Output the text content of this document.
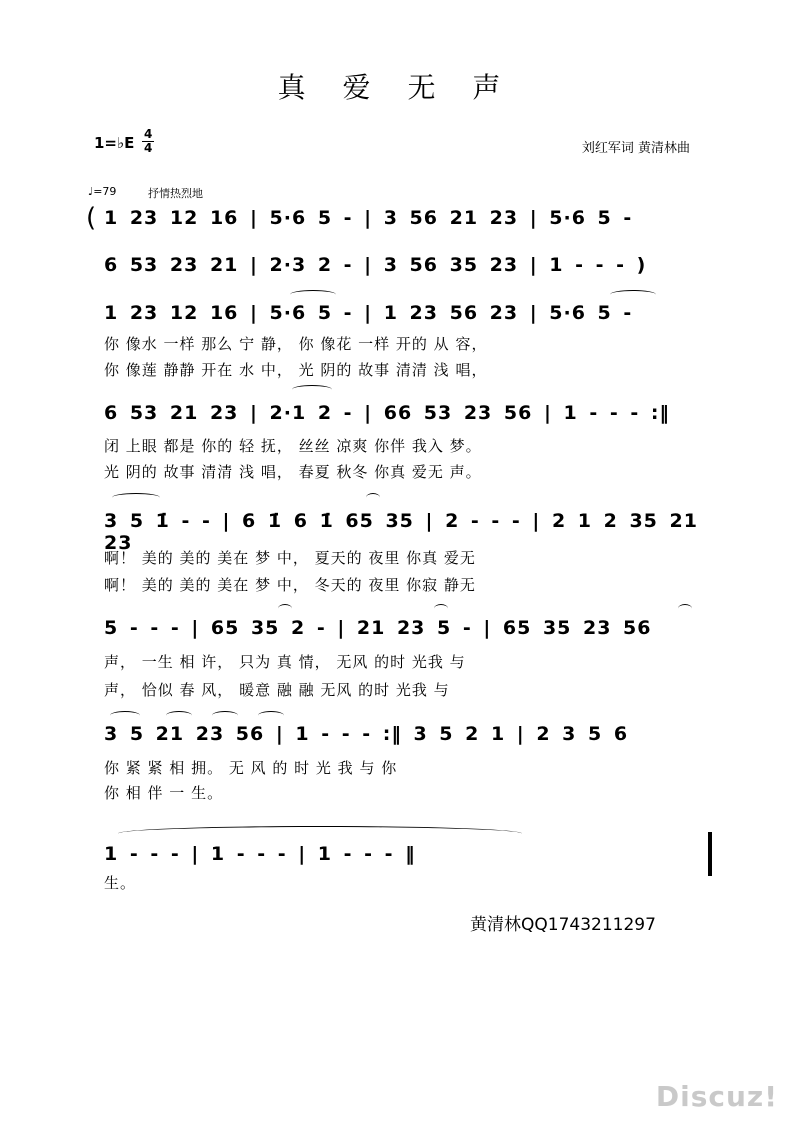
真 爱 无 声
1=♭E 4
4	刘红军词 黄清林曲
♩=79	抒情热烈地
( 1 23 12 16 | 5·6 5 - | 3 56 21 23 | 5·6 5 -
6 53 23 21 | 2·3 2 - | 3 56 35 23 | 1 - - - )
1 23 12 16 | 5·6 5 - | 1 23 56 23 | 5·6 5 -
你 像水 一样 那么 宁 静， 你 像花 一样 开的 从 容，
你 像莲 静静 开在 水 中， 光 阴的 故事 清清 浅 唱，
6 53 21 23 | 2·1 2 - | 66 53 23 56 | 1 - - - :‖
闭 上眼 都是 你的 轻 抚， 丝丝 凉爽 你伴 我入 梦。
光 阴的 故事 清清 浅 唱， 春夏 秋冬 你真 爱无 声。
3 5 1̇ - - | 6 1̇ 6 1̇ 65 35 | 2 - - - | 2 1 2 35 21 23
啊！ 美的 美的 美在 梦 中， 夏天的 夜里 你真 爱无
啊！ 美的 美的 美在 梦 中， 冬天的 夜里 你寂 静无
5 - - - | 65 35 2 - | 21 23 5 - | 65 35 23 56
声， 一生 相 许， 只为 真 情， 无风 的时 光我 与
声， 恰似 春 风， 暖意 融 融 无风 的时 光我 与
3 5 21 23 56 | 1 - - - :‖ 3 5 2 1 | 2 3 5 6
你 紧 紧 相 拥。 无 风 的 时 光 我 与 你
你 相 伴 一 生。
1 - - - | 1 - - - | 1 - - - ‖
生。
黄清林QQ1743211297
Discuz!
